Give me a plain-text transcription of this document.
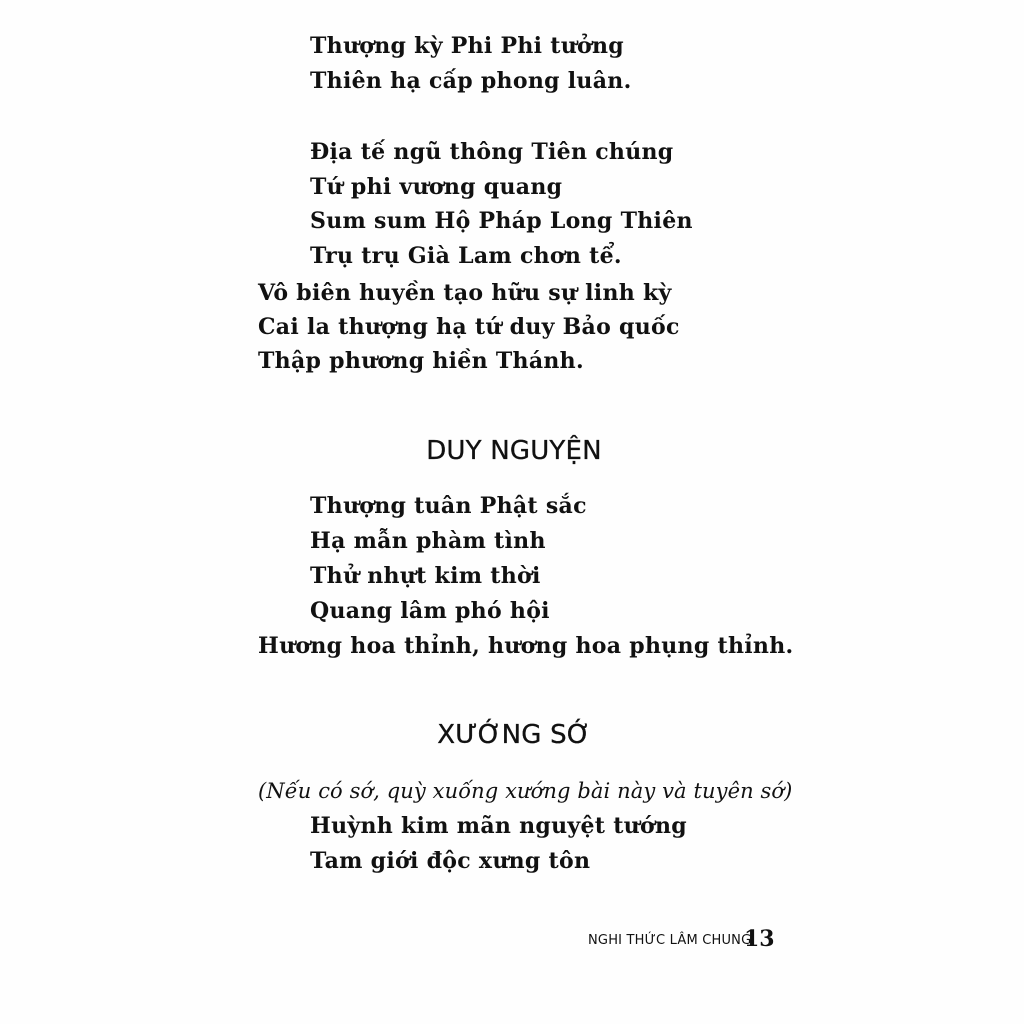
Thượng kỳ Phi Phi tưởng
Thiên hạ cấp phong luân.
Địa tế ngũ thông Tiên chúng
Tứ phi vương quang
Sum sum Hộ Pháp Long Thiên
Trụ trụ Già Lam chơn tể.
Vô biên huyền tạo hữu sự linh kỳ
Cai la thượng hạ tứ duy Bảo quốc
Thập phương hiền Thánh.
DUY NGUYỆN
Thượng tuân Phật sắc
Hạ mẫn phàm tình
Thử nhựt kim thời
Quang lâm phó hội
Hương hoa thỉnh, hương hoa phụng thỉnh.
XƯỚNG SỚ
(Nếu có sớ, quỳ xuống xướng bài này và tuyên sớ)
Huỳnh kim mãn nguyệt tướng
Tam giới độc xưng tôn
NGHI THỨC LÂM CHUNG
13
